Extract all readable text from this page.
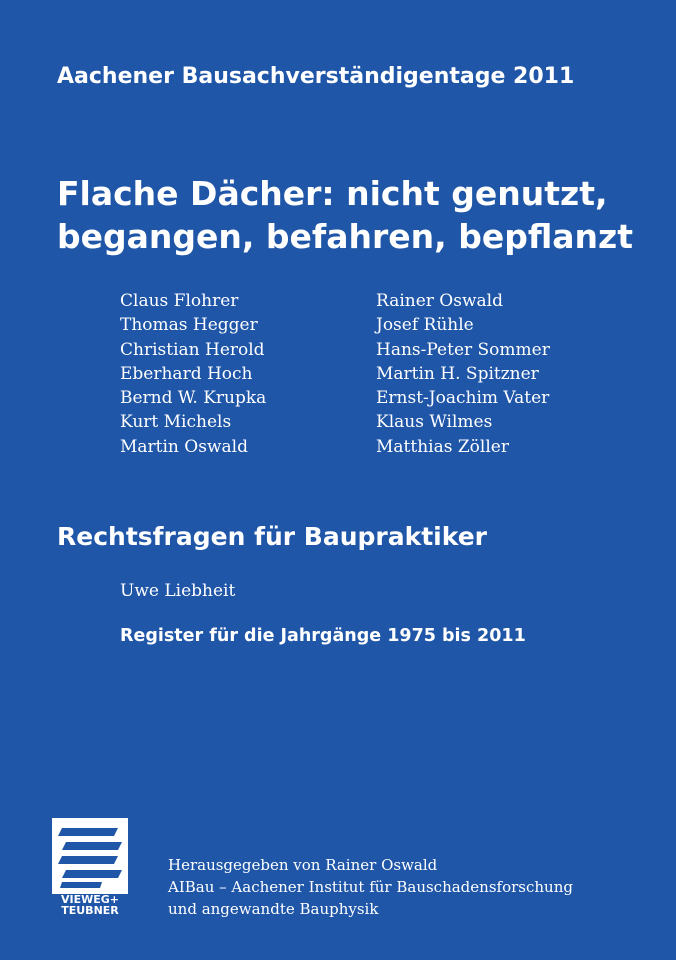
Aachener Bausachverständigentage 2011
Flache Dächer: nicht genutzt,
begangen, befahren, bepflanzt
Claus Flohrer
Thomas Hegger
Christian Herold
Eberhard Hoch
Bernd W. Krupka
Kurt Michels
Martin Oswald
Rainer Oswald
Josef Rühle
Hans-Peter Sommer
Martin H. Spitzner
Ernst-Joachim Vater
Klaus Wilmes
Matthias Zöller
Rechtsfragen für Baupraktiker
Uwe Liebheit
Register für die Jahrgänge 1975 bis 2011
VIEWEG+
TEUBNER
Herausgegeben von Rainer Oswald
AIBau – Aachener Institut für Bauschadensforschung
und angewandte Bauphysik
